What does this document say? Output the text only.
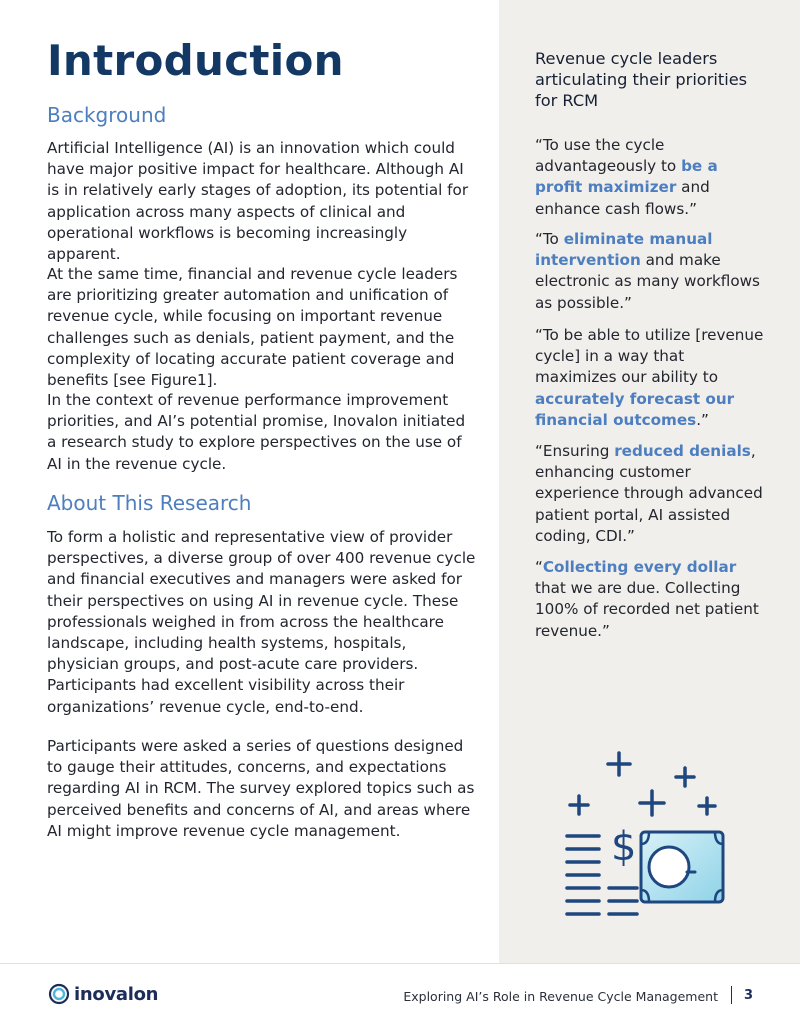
Introduction
Background

Artificial Intelligence (AI) is an innovation which could have major positive impact for healthcare. Although AI is in relatively early stages of adoption, its potential for application across many aspects of clinical and operational workflows is becoming increasingly apparent.

At the same time, financial and revenue cycle leaders are prioritizing greater automation and unification of revenue cycle, while focusing on important revenue challenges such as denials, patient payment, and the complexity of locating accurate patient coverage and benefits [see Figure1].

In the context of revenue performance improvement priorities, and AI’s potential promise, Inovalon initiated a research study to explore perspectives on the use of AI in the revenue cycle.

About This Research

To form a holistic and representative view of provider perspectives, a diverse group of over 400 revenue cycle and financial executives and managers were asked for their perspectives on using AI in revenue cycle. These professionals weighed in from across the healthcare landscape, including health systems, hospitals, physician groups, and post-acute care providers. Participants had excellent visibility across their organizations’ revenue cycle, end-to-end.

Participants were asked a series of questions designed to gauge their attitudes, concerns, and expectations regarding AI in RCM. The survey explored topics such as perceived benefits and concerns of AI, and areas where AI might improve revenue cycle management.

Revenue cycle leaders articulating their priorities for RCM

“To use the cycle advantageously to be a profit maximizer and enhance cash flows.”

“To eliminate manual intervention and make electronic as many workflows as possible.”

“To be able to utilize [revenue cycle] in a way that maximizes our ability to accurately forecast our financial outcomes.”

“Ensuring reduced denials, enhancing customer experience through advanced patient portal, AI assisted coding, CDI.”

“Collecting every dollar that we are due. Collecting 100% of recorded net patient revenue.”

$
inovalon	Exploring AI’s Role in Revenue Cycle Management 3
